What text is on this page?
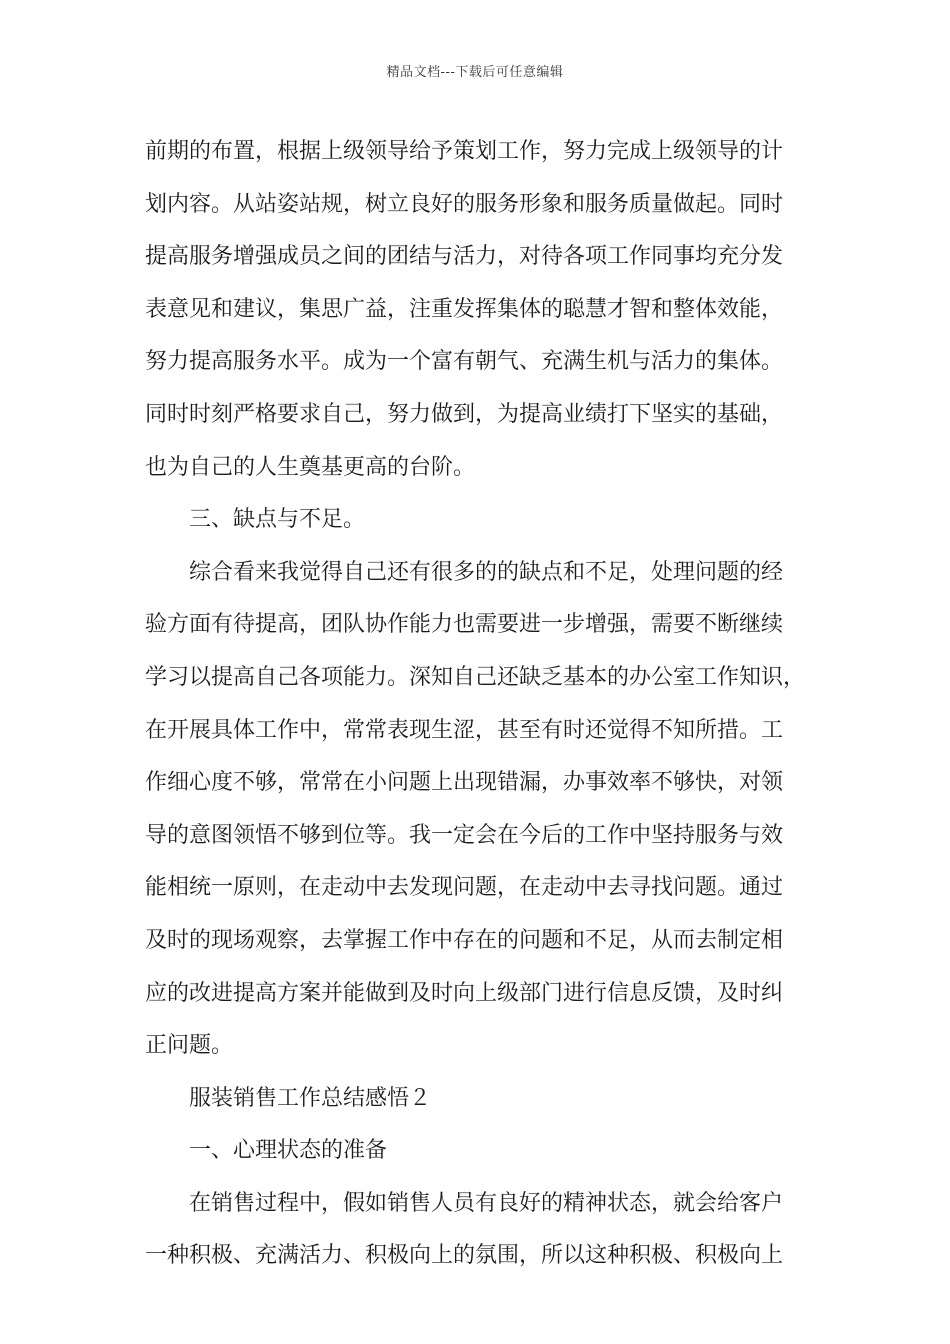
精品文档---下载后可任意编辑
前期的布置，根据上级领导给予策划工作，努力完成上级领导的计
划内容。从站姿站规，树立良好的服务形象和服务质量做起。同时
提高服务增强成员之间的团结与活力，对待各项工作同事均充分发
表意见和建议，集思广益，注重发挥集体的聪慧才智和整体效能，
努力提高服务水平。成为一个富有朝气、充满生机与活力的集体。
同时时刻严格要求自己，努力做到，为提高业绩打下坚实的基础，
也为自己的人生奠基更高的台阶。
三、缺点与不足。
综合看来我觉得自己还有很多的的缺点和不足，处理问题的经
验方面有待提高，团队协作能力也需要进一步增强，需要不断继续
学习以提高自己各项能力。深知自己还缺乏基本的办公室工作知识，
在开展具体工作中，常常表现生涩，甚至有时还觉得不知所措。工
作细心度不够，常常在小问题上出现错漏，办事效率不够快，对领
导的意图领悟不够到位等。我一定会在今后的工作中坚持服务与效
能相统一原则，在走动中去发现问题，在走动中去寻找问题。通过
及时的现场观察，去掌握工作中存在的问题和不足，从而去制定相
应的改进提高方案并能做到及时向上级部门进行信息反馈，及时纠
正问题。
服装销售工作总结感悟２
一、心理状态的准备
在销售过程中，假如销售人员有良好的精神状态，就会给客户
一种积极、充满活力、积极向上的氛围，所以这种积极、积极向上
